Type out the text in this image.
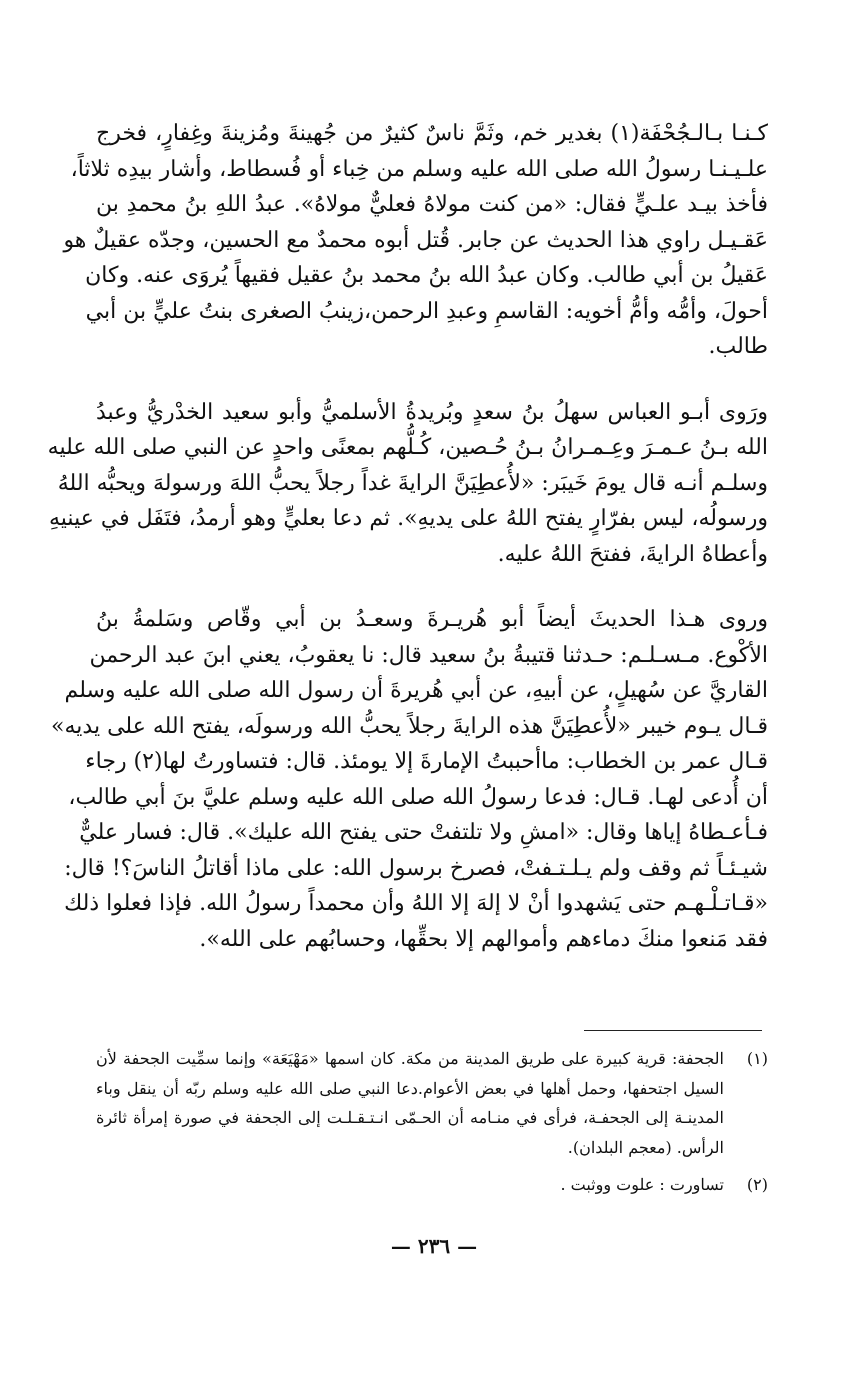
كـنـا بـالـجُحْفَة(١) بغدير خم، وثَمَّ ناسٌ كثيرٌ من جُهينةَ ومُزينةَ وغِفارٍ، فخرج
علـيـنـا رسولُ الله صلى الله عليه وسلم من خِباء أو فُسطاط، وأشار بيدِه ثلاثاً،
فأخذ بيـد علـيٍّ فقال: «من كنت مولاهُ فعليٌّ مولاهُ». عبدُ اللهِ بنُ محمدِ بن
عَقـيـل راوي هذا الحديث عن جابر. قُتل أبوه محمدٌ مع الحسين، وجدّه عقيلٌ هو
عَقيلُ بن أبي طالب. وكان عبدُ الله بنُ محمد بنُ عقيل فقيهاً يُروَى عنه. وكان
أحولَ، وأمُّه وأمُّ أخويه: القاسمِ وعبدِ الرحمن،زينبُ الصغرى بنتُ عليٍّ بن أبي
طالب.

ورَوى أبـو العباس سهلُ بنُ سعدٍ وبُريدةُ الأسلميُّ وأبو سعيد الخدْريُّ وعبدُ
الله بـنُ عـمـرَ وعِـمـرانُ بـنُ حُـصين، كُـلُّهم بمعنًى واحدٍ عن النبي صلى الله عليه
وسلـم أنـه قال يومَ خَيبَر: «لأُعطِيَنَّ الرايةَ غداً رجلاً يحبُّ اللهَ ورسولهَ ويحبُّه اللهُ
ورسولُه، ليس بفرّارٍ يفتح اللهُ على يديهِ». ثم دعا بعليٍّ وهو أرمدُ، فتَفَل في عينيهِ
وأعطاهُ الرايةَ، ففتحَ اللهُ عليه.

وروى هـذا الحديثَ أيضاً أبو هُريـرةَ وسعـدُ بن أبي وقّاص وسَلمةُ بنُ
الأكْوع. مـسـلـم: حـدثنا قتيبةُ بنُ سعيد قال: نا يعقوبُ، يعني ابنَ عبد الرحمن
القاريَّ عن سُهيلٍ، عن أبيهِ، عن أبي هُريرةَ أن رسول الله صلى الله عليه وسلم
قـال يـوم خيبر «لأُعطِيَنَّ هذه الرايةَ رجلاً يحبُّ الله ورسولَه، يفتح الله على يديه»
قـال عمر بن الخطاب: ماأحببتُ الإمارةَ إلا يومئذ. قال: فتساورتُ لها(٢) رجاء
أن أُدعى لهـا. قـال: فدعا رسولُ الله صلى الله عليه وسلم عليَّ بنَ أبي طالب،
فـأعـطاهُ إياها وقال: «امشِ ولا تلتفتْ حتى يفتح الله عليك». قال: فسار عليٌّ
شيـئـاً ثم وقف ولم يـلـتـفتْ، فصرخ برسول الله: على ماذا أقاتلُ الناسَ؟! قال:
«قـاتـلْـهـم حتى يَشهدوا أنْ لا إلهَ إلا اللهُ وأن محمداً رسولُ الله. فإذا فعلوا ذلك
فقد مَنعوا منكَ دماءهم وأموالهم إلا بحقِّها، وحسابُهم على الله».

(١)
الجحفة: قرية كبيرة على طريق المدينة من مكة. كان اسمها «مَهْيَعَة» وإنما سمِّيت الجحفة لأن
السيل اجتحفها، وحمل أهلها في بعض الأعوام.دعا النبي صلى الله عليه وسلم ربّه أن ينقل وباء
المدينـة إلى الجحفـة، فرأى في منـامه أن الحـمّى انـتـقـلـت إلى الجحفة في صورة إمرأة ثائرة
الرأس. (معجم البلدان).
(٢)
تساورت : علوت ووثبت .
— ٢٣٦ —
